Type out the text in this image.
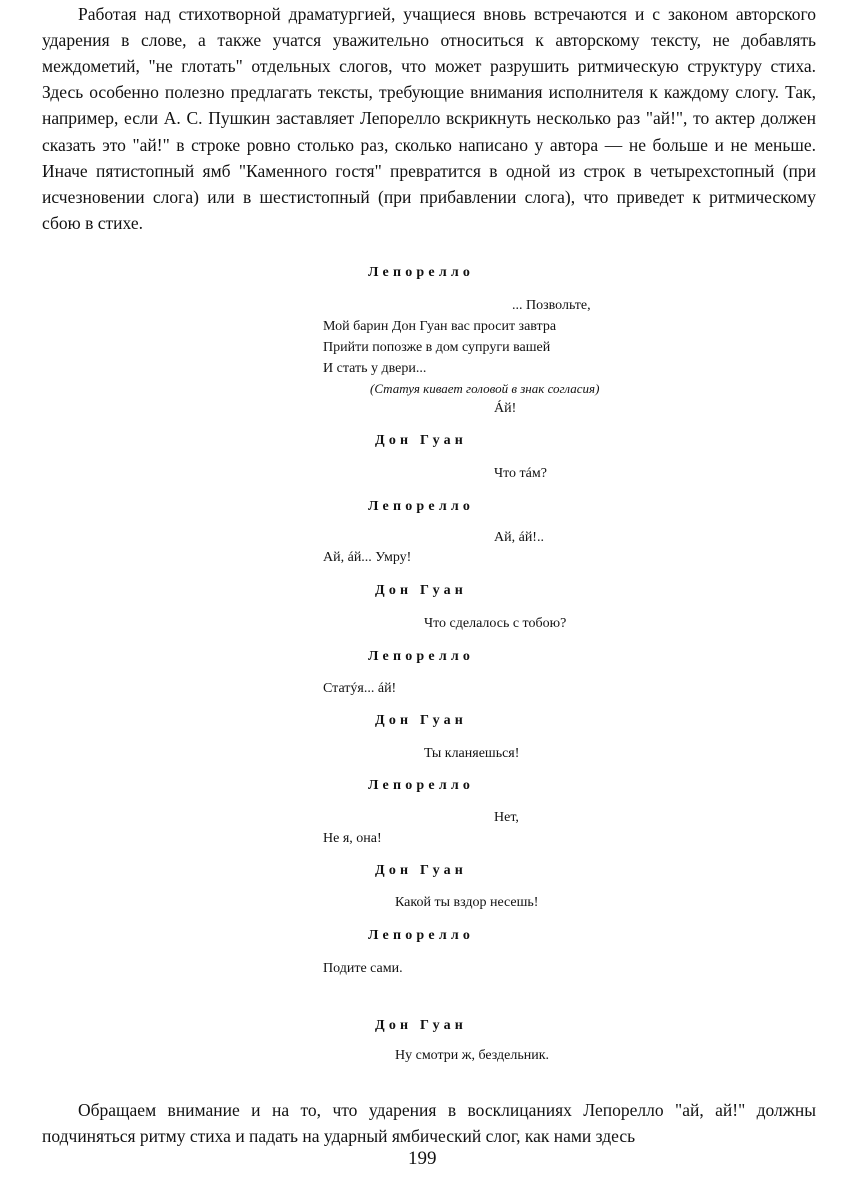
Работая над стихотворной драматургией, учащиеся вновь встречаются и с законом авторского ударения в слове, а также учатся уважительно относиться к авторскому тексту, не добавлять междометий, "не глотать" отдельных слогов, что может разрушить ритмическую структуру стиха. Здесь особенно полезно предлагать тексты, требующие внимания исполнителя к каждому слогу. Так, например, если А. С. Пушкин заставляет Лепорелло вскрикнуть несколько раз "ай!", то актер должен сказать это "ай!" в строке ровно столько раз, сколько написано у автора — не больше и не меньше. Иначе пятистопный ямб "Каменного гостя" превратится в одной из строк в четырехстопный (при исчезновении слога) или в шестистопный (при прибавлении слога), что приведет к ритмическому сбою в стихе.

Лепорелло
... Позвольте,
Мой барин Дон Гуан вас просит завтра
Прийти попозже в дом супруги вашей
И стать у двери...
(Статуя кивает головой в знак согласия)
Áй!
Дон Гуан
Что тáм?
Лепорелло
Ай, áй!..
Ай, áй... Умру!
Дон Гуан
Что сделалось с тобою?
Лепорелло
Статýя... áй!
Дон Гуан
Ты кланяешься!
Лепорелло
Нет,
Не я, она!
Дон Гуан
Какой ты вздор несешь!
Лепорелло
Подите сами.
Дон Гуан
Ну смотри ж, бездельник.

Обращаем внимание и на то, что ударения в восклицаниях Лепорелло "ай, ай!" должны подчиняться ритму стиха и падать на ударный ямбический слог, как нами здесь

199
